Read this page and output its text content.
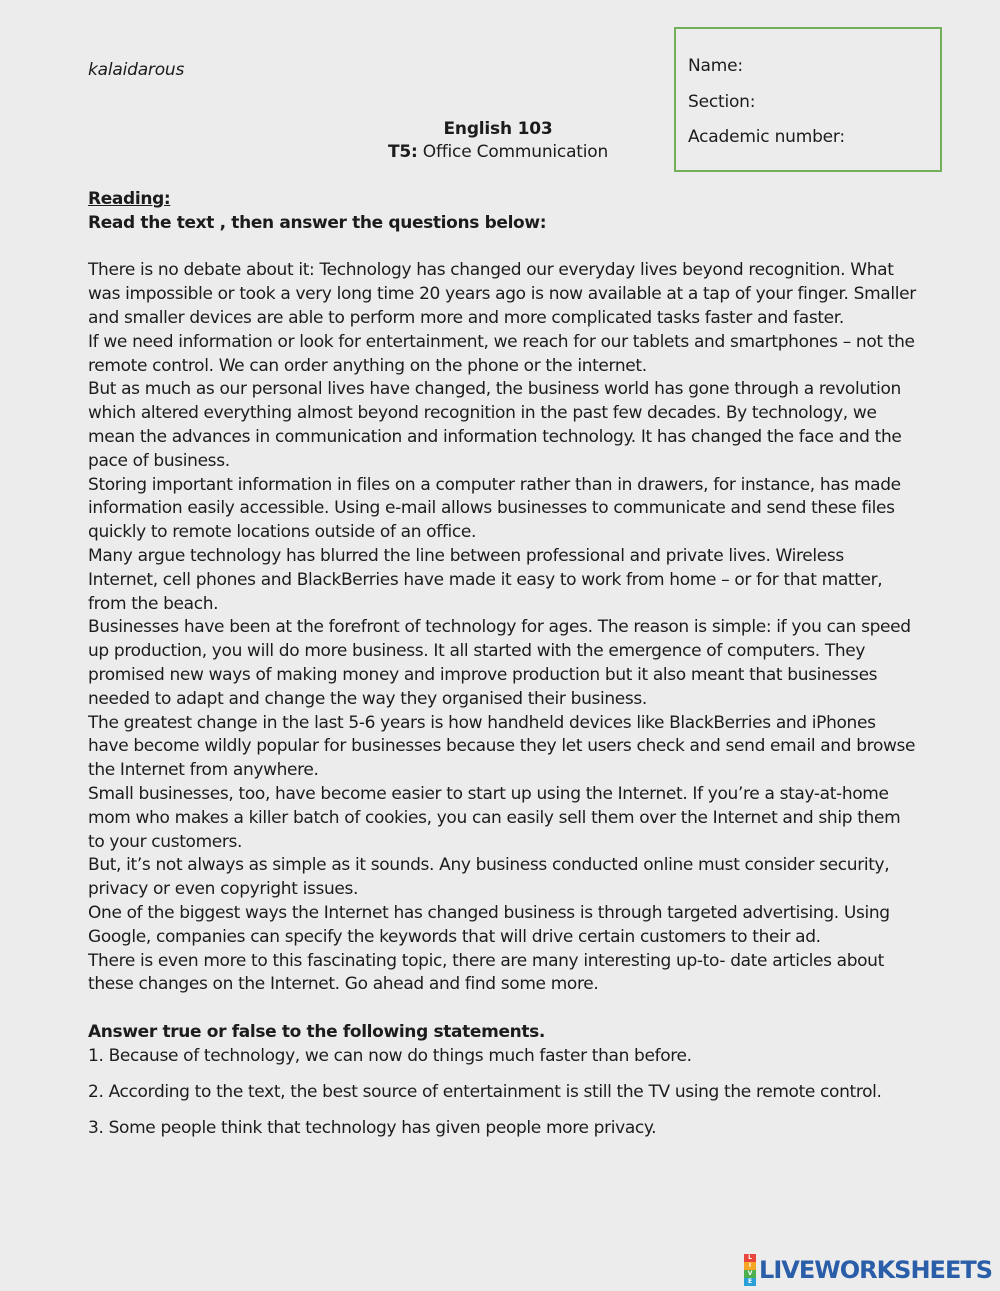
kalaidarous	Name:
Section:
Academic number:
English 103
T5: Office Communication

Reading:

Read the text , then answer the questions below:

There is no debate about it: Technology has changed our everyday lives beyond recognition. What was impossible or took a very long time 20 years ago is now available at a tap of your finger. Smaller and smaller devices are able to perform more and more complicated tasks faster and faster.

If we need information or look for entertainment, we reach for our tablets and smartphones – not the remote control. We can order anything on the phone or the internet.

But as much as our personal lives have changed, the business world has gone through a revolution which altered everything almost beyond recognition in the past few decades. By technology, we mean the advances in communication and information technology. It has changed the face and the pace of business.

Storing important information in files on a computer rather than in drawers, for instance, has made information easily accessible. Using e-mail allows businesses to communicate and send these files quickly to remote locations outside of an office.

Many argue technology has blurred the line between professional and private lives. Wireless Internet, cell phones and BlackBerries have made it easy to work from home – or for that matter, from the beach.

Businesses have been at the forefront of technology for ages. The reason is simple: if you can speed up production, you will do more business. It all started with the emergence of computers. They promised new ways of making money and improve production but it also meant that businesses needed to adapt and change the way they organised their business.

The greatest change in the last 5-6 years is how handheld devices like BlackBerries and iPhones have become wildly popular for businesses because they let users check and send email and browse the Internet from anywhere.

Small businesses, too, have become easier to start up using the Internet. If you’re a stay-at-home mom who makes a killer batch of cookies, you can easily sell them over the Internet and ship them to your customers.

But, it’s not always as simple as it sounds. Any business conducted online must consider security, privacy or even copyright issues.

One of the biggest ways the Internet has changed business is through targeted advertising. Using Google, companies can specify the keywords that will drive certain customers to their ad.

There is even more to this fascinating topic, there are many interesting up-to- date articles about these changes on the Internet. Go ahead and find some more.

Answer true or false to the following statements.

1. Because of technology, we can now do things much faster than before.

2. According to the text, the best source of entertainment is still the TV using the remote control.

3. Some people think that technology has given people more privacy.

L
I
V
E LIVEWORKSHEETS
